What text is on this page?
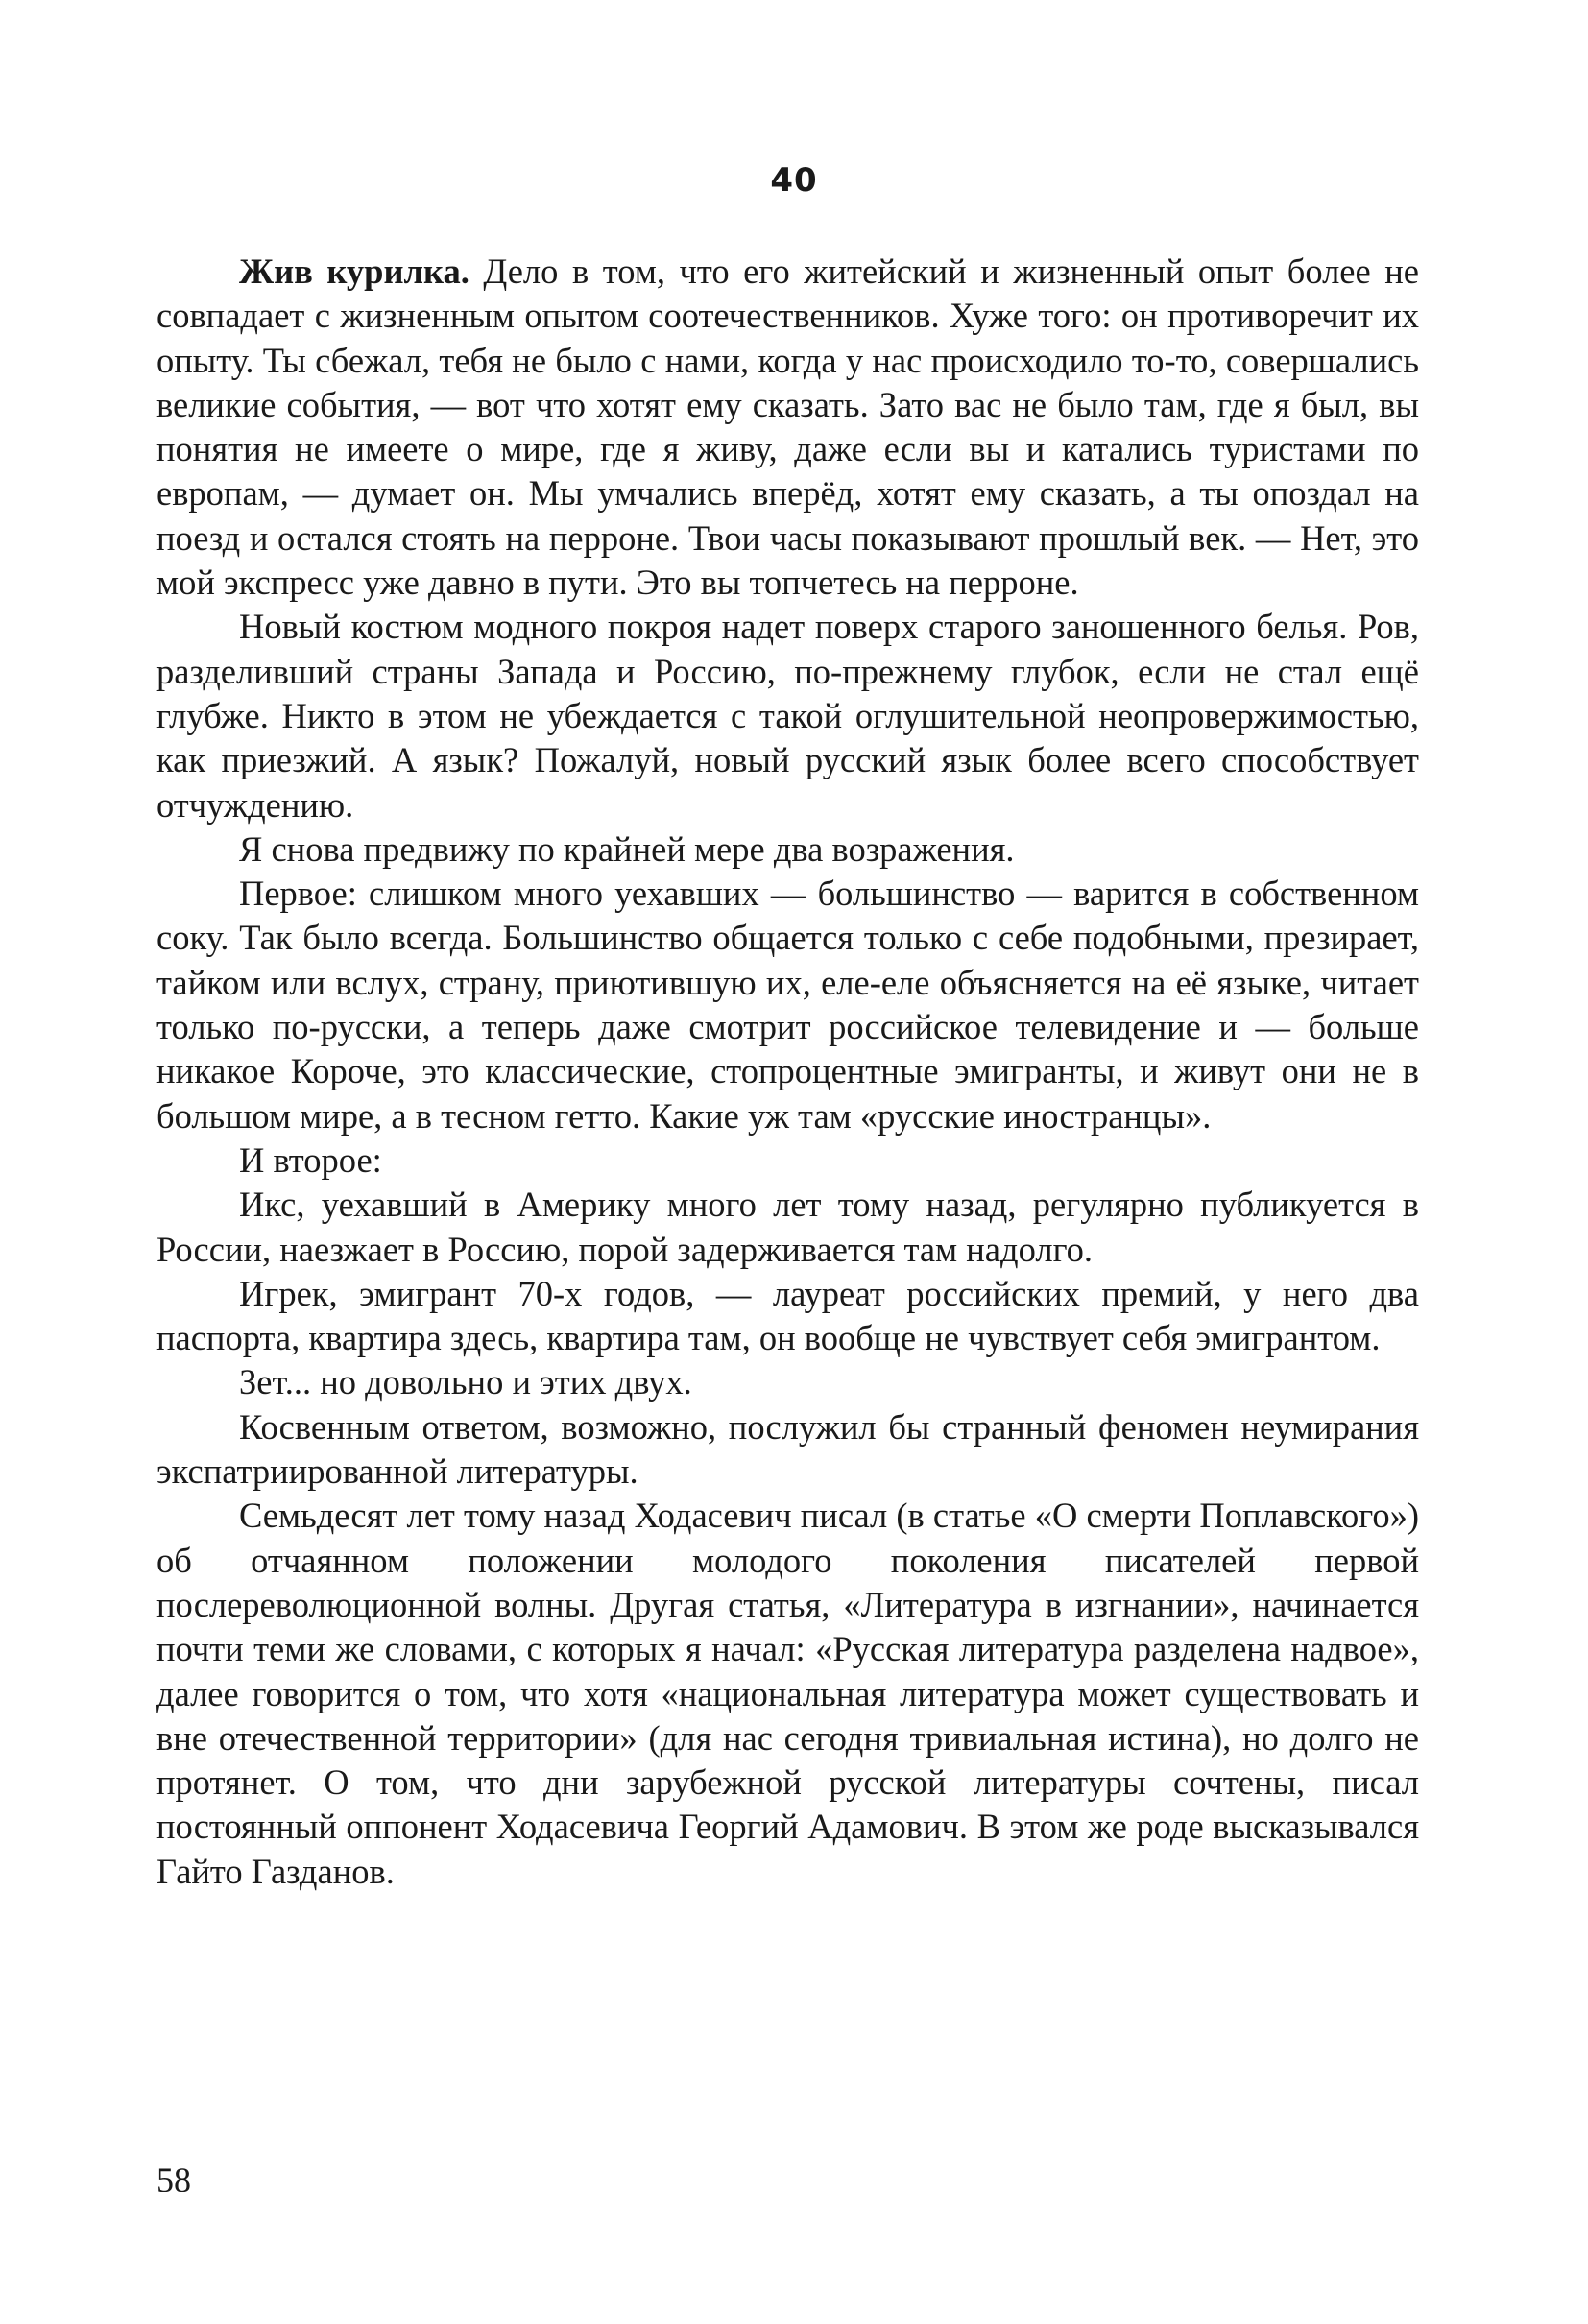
40

Жив курилка. Дело в том, что его житейский и жизненный опыт более не совпадает с жизненным опытом соотечественников. Хуже того: он противоречит их опыту. Ты сбежал, тебя не было с нами, когда у нас происходило то-то, совершались великие события, — вот что хотят ему сказать. Зато вас не было там, где я был, вы понятия не имеете о мире, где я живу, даже если вы и катались туристами по европам, — думает он. Мы умчались вперёд, хотят ему сказать, а ты опоздал на поезд и остался стоять на перроне. Твои часы показывают прошлый век. — Нет, это мой экспресс уже давно в пути. Это вы топчетесь на перроне.

Новый костюм модного покроя надет поверх старого заношенного белья. Ров, разделивший страны Запада и Россию, по-прежнему глубок, если не стал ещё глубже. Никто в этом не убеждается с такой оглушительной неопровержимостью, как приезжий. А язык? Пожалуй, новый русский язык более всего способствует отчуждению.

Я снова предвижу по крайней мере два возражения.

Первое: слишком много уехавших — большинство — варится в собственном соку. Так было всегда. Большинство общается только с себе подобными, презирает, тайком или вслух, страну, приютившую их, еле-еле объясняется на её языке, читает только по-русски, а теперь даже смотрит российское телевидение и — больше никакое Короче, это классические, стопроцентные эмигранты, и живут они не в большом мире, а в тесном гетто. Какие уж там «русские иностранцы».

И второе:

Икс, уехавший в Америку много лет тому назад, регулярно публикуется в России, наезжает в Россию, порой задерживается там надолго.

Игрек, эмигрант 70-х годов, — лауреат российских премий, у него два паспорта, квартира здесь, квартира там, он вообще не чувствует себя эмигрантом.

Зет... но довольно и этих двух.

Косвенным ответом, возможно, послужил бы странный феномен неумирания экспатриированной литературы.

Семьдесят лет тому назад Ходасевич писал (в статье «О смерти Поплавского») об отчаянном положении молодого поколения писателей первой послереволюционной волны. Другая статья, «Литература в изгнании», начинается почти теми же словами, с которых я начал: «Русская литература разделена надвое», далее говорится о том, что хотя «национальная литература может существовать и вне отечественной территории» (для нас сегодня тривиальная истина), но долго не протянет. О том, что дни зарубежной русской литературы сочтены, писал постоянный оппонент Ходасевича Георгий Адамович. В этом же роде высказывался Гайто Газданов.

58
